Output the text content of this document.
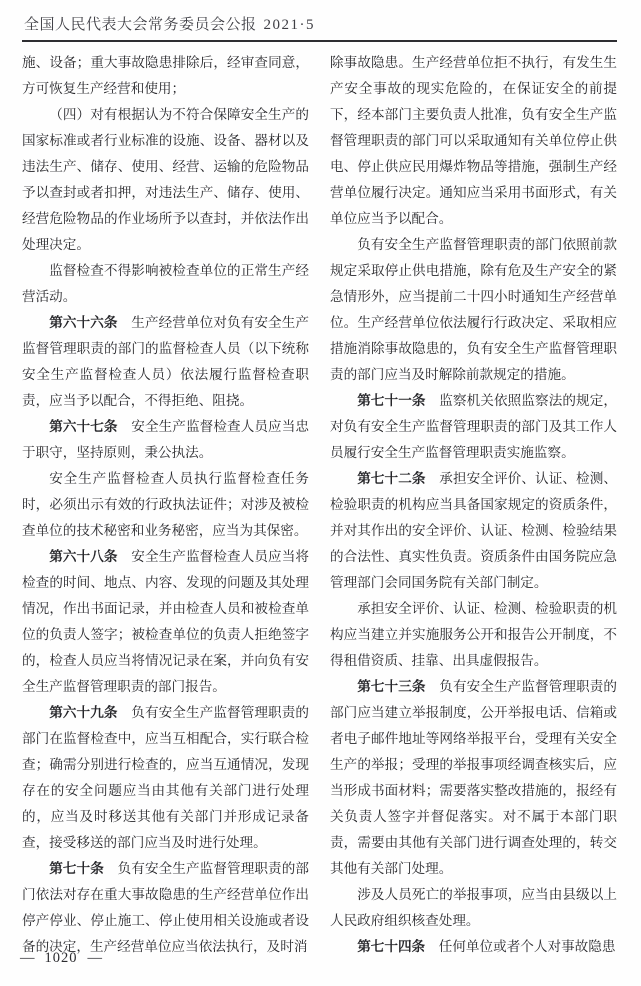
全国人民代表大会常务委员会公报 2021·5

施、设备；重大事故隐患排除后，经审查同意，方可恢复生产经营和使用；

（四）对有根据认为不符合保障安全生产的国家标准或者行业标准的设施、设备、器材以及违法生产、储存、使用、经营、运输的危险物品予以查封或者扣押，对违法生产、储存、使用、经营危险物品的作业场所予以查封，并依法作出处理决定。

监督检查不得影响被检查单位的正常生产经营活动。

第六十六条　生产经营单位对负有安全生产监督管理职责的部门的监督检查人员（以下统称安全生产监督检查人员）依法履行监督检查职责，应当予以配合，不得拒绝、阻挠。

第六十七条　安全生产监督检查人员应当忠于职守，坚持原则，秉公执法。

安全生产监督检查人员执行监督检查任务时，必须出示有效的行政执法证件；对涉及被检查单位的技术秘密和业务秘密，应当为其保密。

第六十八条　安全生产监督检查人员应当将检查的时间、地点、内容、发现的问题及其处理情况，作出书面记录，并由检查人员和被检查单位的负责人签字；被检查单位的负责人拒绝签字的，检查人员应当将情况记录在案，并向负有安全生产监督管理职责的部门报告。

第六十九条　负有安全生产监督管理职责的部门在监督检查中，应当互相配合，实行联合检查；确需分别进行检查的，应当互通情况，发现存在的安全问题应当由其他有关部门进行处理的，应当及时移送其他有关部门并形成记录备查，接受移送的部门应当及时进行处理。

第七十条　负有安全生产监督管理职责的部门依法对存在重大事故隐患的生产经营单位作出停产停业、停止施工、停止使用相关设施或者设备的决定，生产经营单位应当依法执行，及时消

除事故隐患。生产经营单位拒不执行，有发生生产安全事故的现实危险的，在保证安全的前提下，经本部门主要负责人批准，负有安全生产监督管理职责的部门可以采取通知有关单位停止供电、停止供应民用爆炸物品等措施，强制生产经营单位履行决定。通知应当采用书面形式，有关单位应当予以配合。

负有安全生产监督管理职责的部门依照前款规定采取停止供电措施，除有危及生产安全的紧急情形外，应当提前二十四小时通知生产经营单位。生产经营单位依法履行行政决定、采取相应措施消除事故隐患的，负有安全生产监督管理职责的部门应当及时解除前款规定的措施。

第七十一条　监察机关依照监察法的规定，对负有安全生产监督管理职责的部门及其工作人员履行安全生产监督管理职责实施监察。

第七十二条　承担安全评价、认证、检测、检验职责的机构应当具备国家规定的资质条件，并对其作出的安全评价、认证、检测、检验结果的合法性、真实性负责。资质条件由国务院应急管理部门会同国务院有关部门制定。

承担安全评价、认证、检测、检验职责的机构应当建立并实施服务公开和报告公开制度，不得租借资质、挂靠、出具虚假报告。

第七十三条　负有安全生产监督管理职责的部门应当建立举报制度，公开举报电话、信箱或者电子邮件地址等网络举报平台，受理有关安全生产的举报；受理的举报事项经调查核实后，应当形成书面材料；需要落实整改措施的，报经有关负责人签字并督促落实。对不属于本部门职责，需要由其他有关部门进行调查处理的，转交其他有关部门处理。

涉及人员死亡的举报事项，应当由县级以上人民政府组织核查处理。

第七十四条　任何单位或者个人对事故隐患

— 1020 —
